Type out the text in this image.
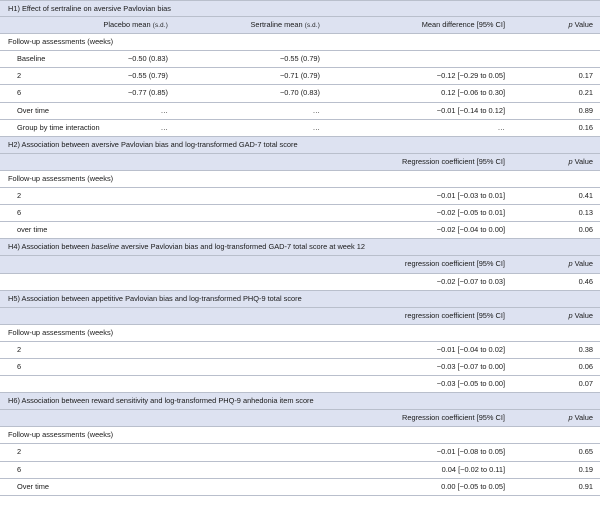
H1) Effect of sertraline on aversive Pavlovian bias
Placebo mean (s.d.)	Sertraline mean (s.d.)	Mean difference [95% CI]	p Value
Follow-up assessments (weeks)
Baseline	−0.50 (0.83)	−0.55 (0.79)
2	−0.55 (0.79)	−0.71 (0.79)	−0.12 [−0.29 to 0.05]	0.17
6	−0.77 (0.85)	−0.70 (0.83)	0.12 [−0.06 to 0.30]	0.21
Over time	…	…	−0.01 [−0.14 to 0.12]	0.89
Group by time interaction	…	…	…	0.16
H2) Association between aversive Pavlovian bias and log-transformed GAD-7 total score
Regression coefficient [95% CI]	p Value
Follow-up assessments (weeks)
2	−0.01 [−0.03 to 0.01]	0.41
6	−0.02 [−0.05 to 0.01]	0.13
over time	−0.02 [−0.04 to 0.00]	0.06
H4) Association between baseline aversive Pavlovian bias and log-transformed GAD-7 total score at week 12
regression coefficient [95% CI]	p Value
−0.02 [−0.07 to 0.03]	0.46
H5) Association between appetitive Pavlovian bias and log-transformed PHQ-9 total score
regression coefficient [95% CI]	p Value
Follow-up assessments (weeks)
2	−0.01 [−0.04 to 0.02]	0.38
6	−0.03 [−0.07 to 0.00]	0.06
−0.03 [−0.05 to 0.00]	0.07
H6) Association between reward sensitivity and log-transformed PHQ-9 anhedonia item score
Regression coefficient [95% CI]	p Value
Follow-up assessments (weeks)
2	−0.01 [−0.08 to 0.05]	0.65
6	0.04 [−0.02 to 0.11]	0.19
Over time	0.00 [−0.05 to 0.05]	0.91
